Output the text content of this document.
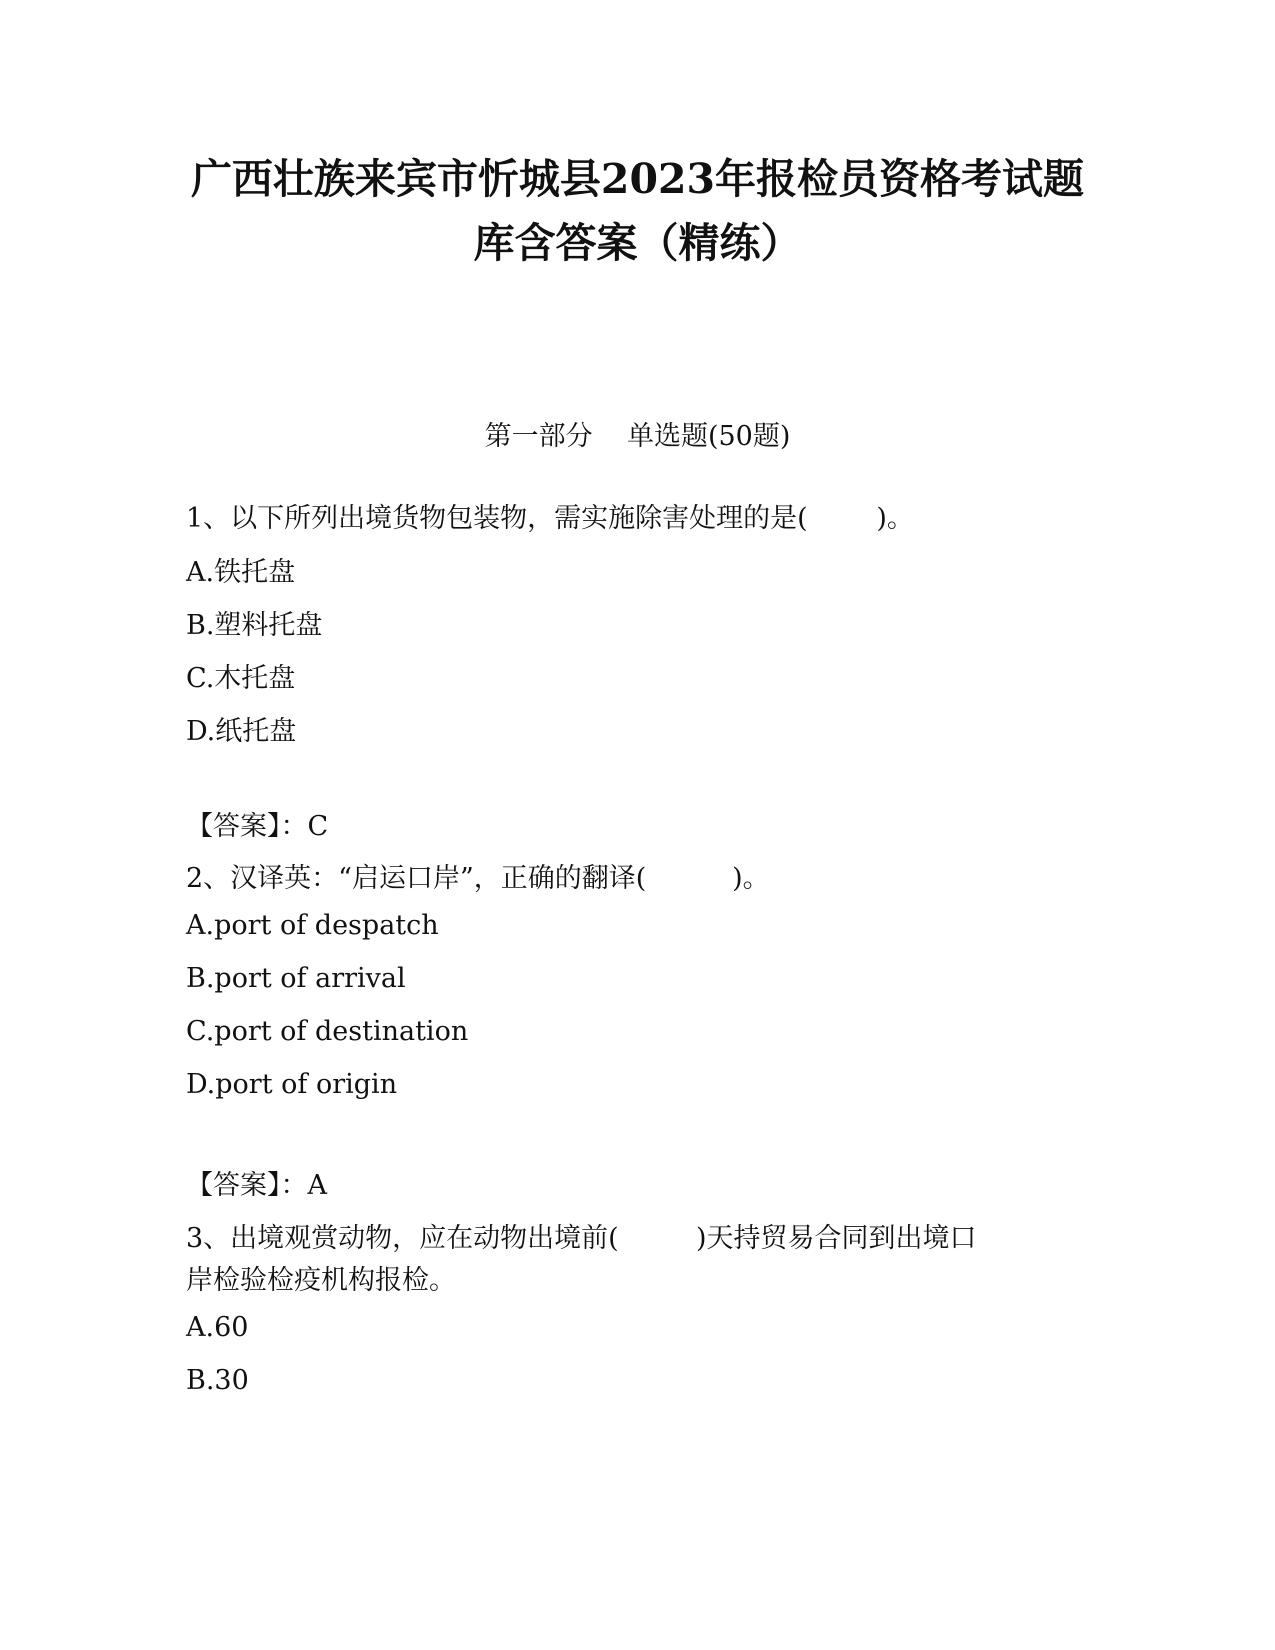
广西壮族来宾市忻城县2023年报检员资格考试题
库含答案（精练）
第一部分    单选题(50题)
1、以下所列出境货物包装物，需实施除害处理的是(        )。
A.铁托盘
B.塑料托盘
C.木托盘
D.纸托盘
【答案】：C
2、汉译英：“启运口岸”，正确的翻译(          )。
A.port of despatch
B.port of arrival
C.port of destination
D.port of origin
【答案】：A
3、出境观赏动物，应在动物出境前(         )天持贸易合同到出境口
岸检验检疫机构报检。
A.60
B.30
